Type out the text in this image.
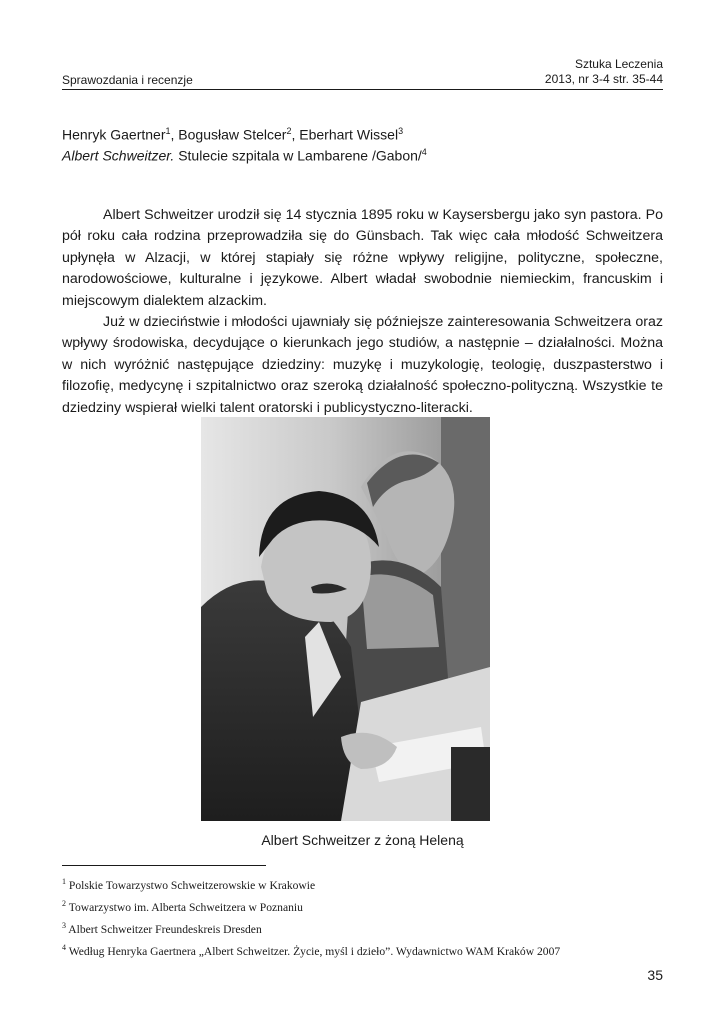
Sprawozdania i recenzje
Sztuka Leczenia
2013, nr 3-4 str. 35-44
Henryk Gaertner$^1$, Bogusław Stelcer$^2$, Eberhart Wissel$^3$
Albert Schweitzer. Stulecie szpitala w Lambarene /Gabon/$^4$

Albert Schweitzer urodził się 14 stycznia 1895 roku w Kaysersbergu jako syn pastora. Po pół roku cała rodzina przeprowadziła się do Günsbach. Tak więc cała młodość Schweitzera upłynęła w Alzacji, w której stapiały się różne wpływy religijne, polityczne, społeczne, narodowościowe, kulturalne i językowe. Albert władał swobodnie niemieckim, francuskim i miejscowym dialektem alzackim.

Już w dzieciństwie i młodości ujawniały się późniejsze zainteresowania Schweitzera oraz wpływy środowiska, decydujące o kierunkach jego studiów, a następnie – działalności. Można w nich wyróżnić następujące dziedziny: muzykę i muzykologię, teologię, duszpasterstwo i filozofię, medycynę i szpitalnictwo oraz szeroką działalność społeczno-polityczną. Wszystkie te dziedziny wspierał wielki talent oratorski i publicystyczno-literacki.

Albert Schweitzer z żoną Heleną
$^1$ Polskie Towarzystwo Schweitzerowskie w Krakowie
$^2$ Towarzystwo im. Alberta Schweitzera w Poznaniu
$^3$ Albert Schweitzer Freundeskreis Dresden
$^4$ Według Henryka Gaertnera „Albert Schweitzer. Życie, myśl i dzieło”. Wydawnictwo WAM Kraków 2007
35
